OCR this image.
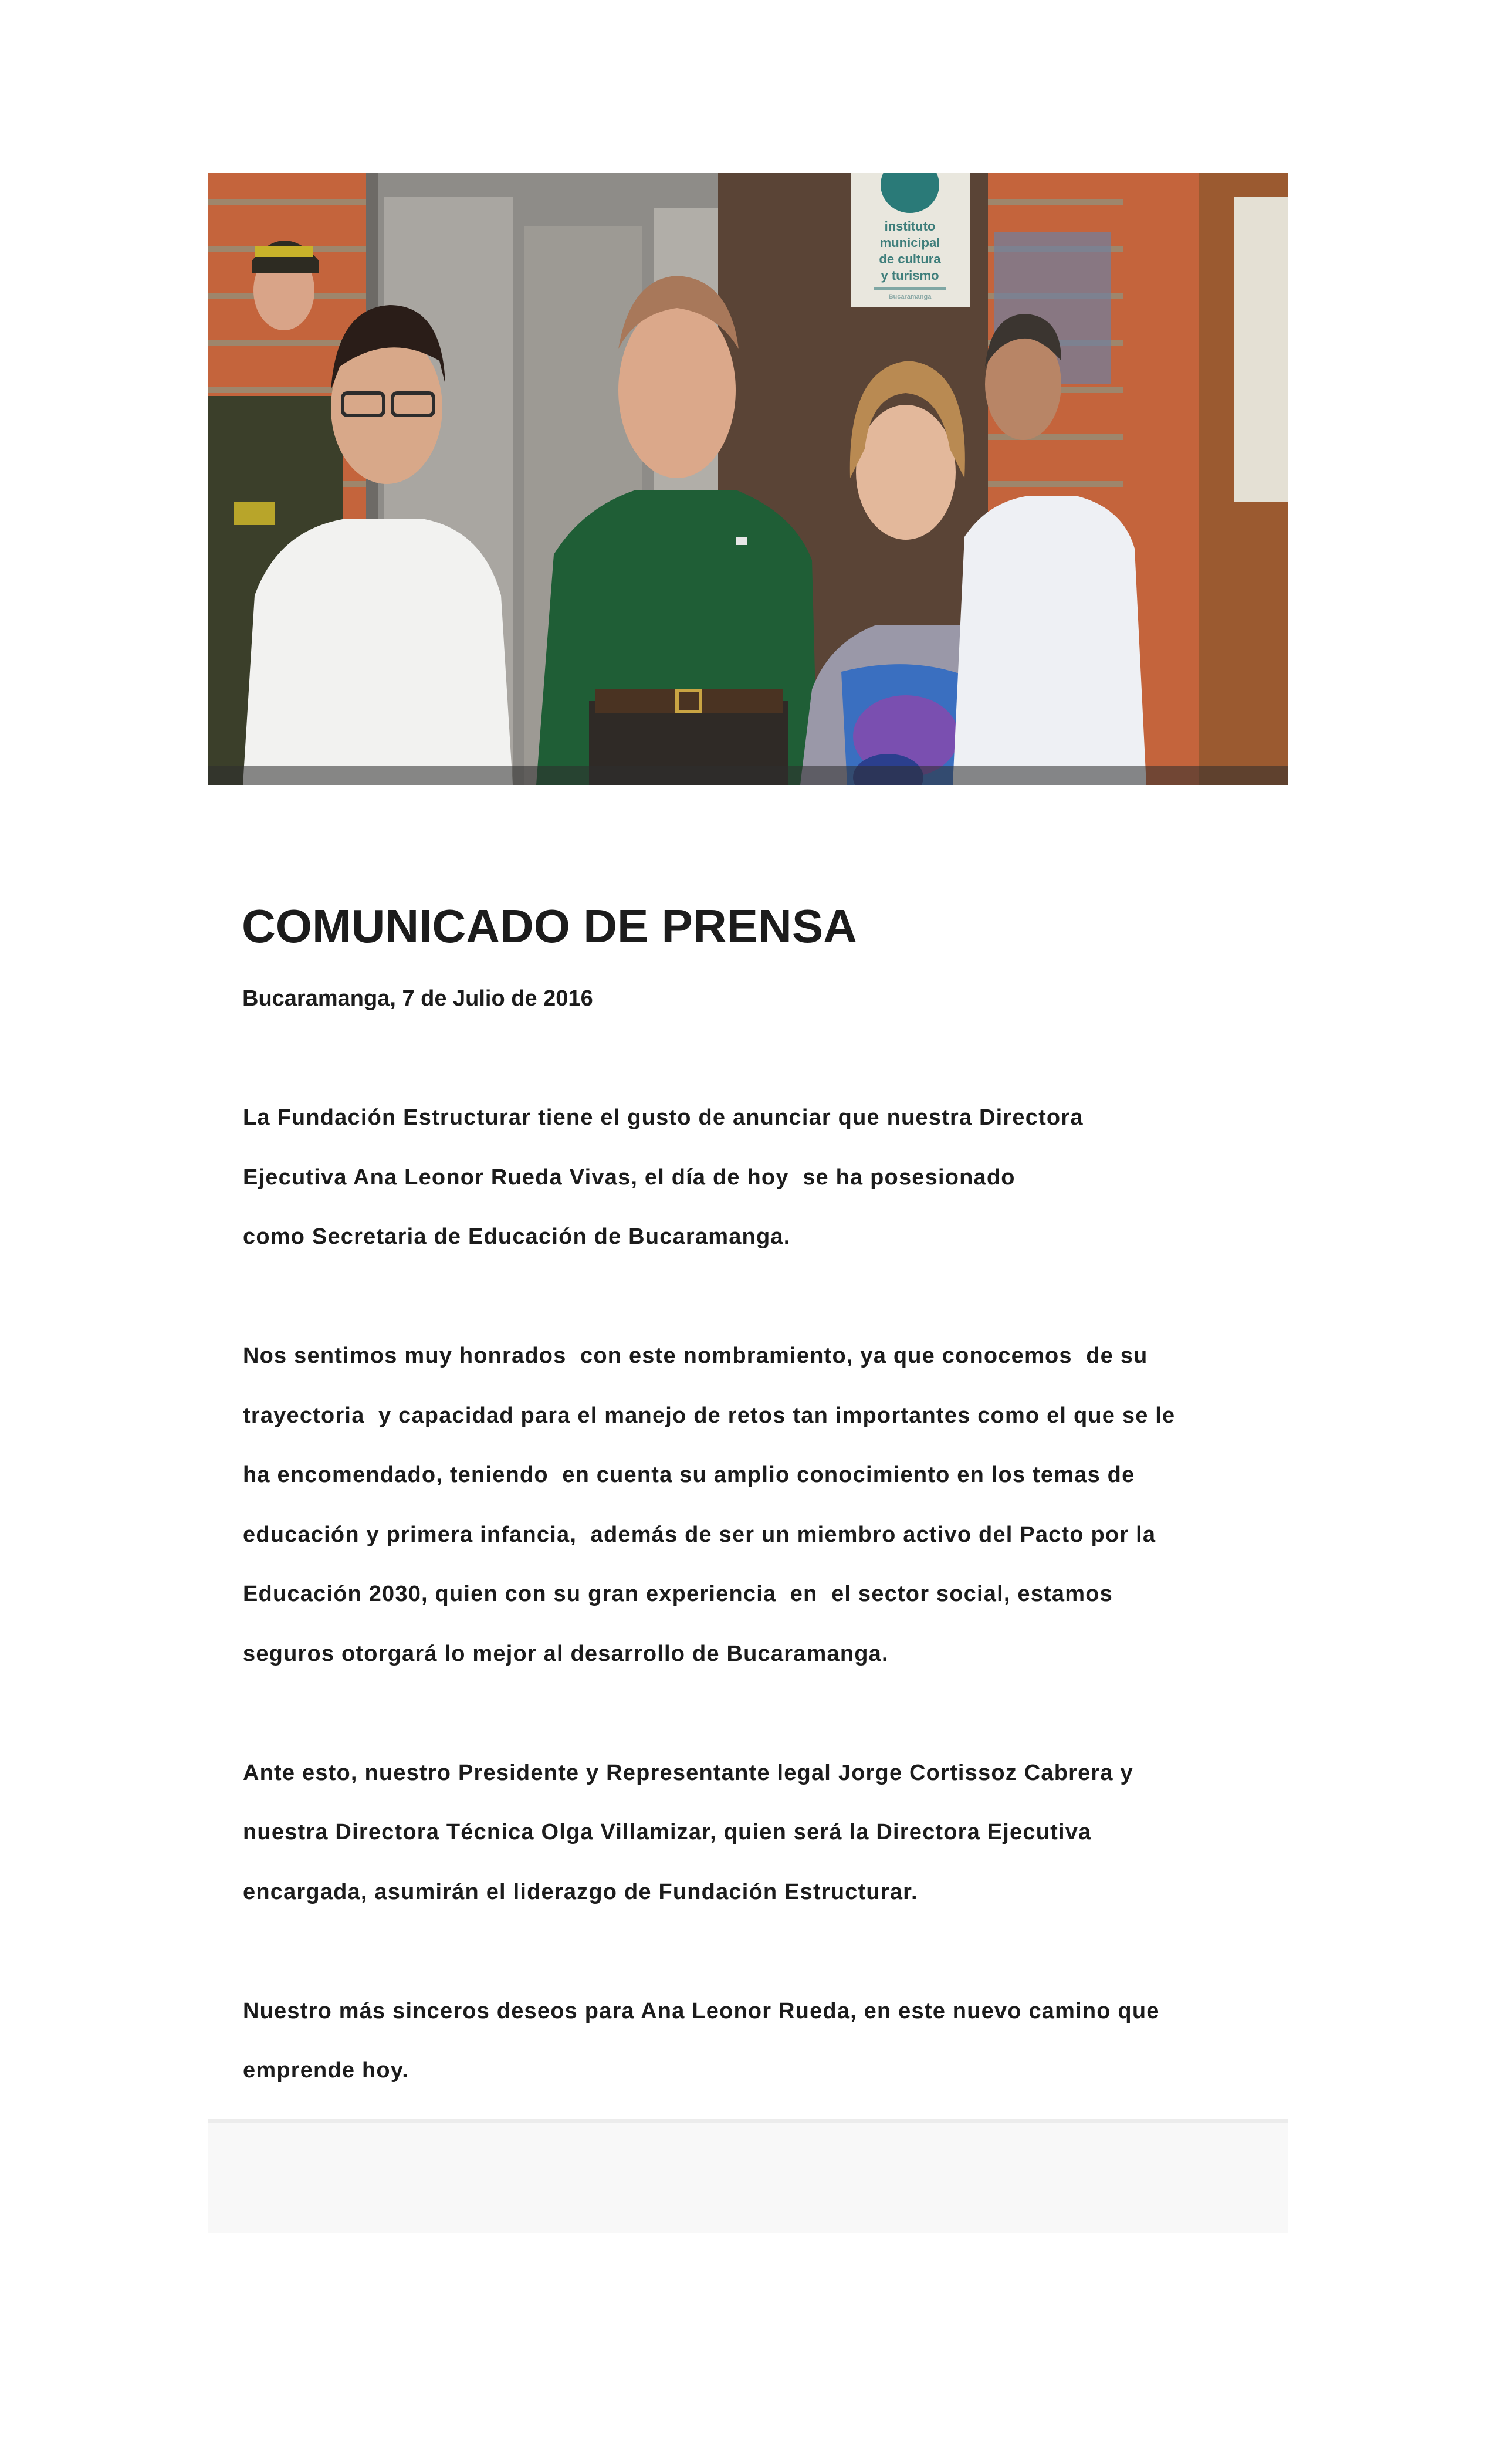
instituto
municipal
de cultura
y turismo
Bucaramanga
COMUNICADO DE PRENSA
Bucaramanga, 7 de Julio de 2016

La Fundación Estructurar tiene el gusto de anunciar que nuestra Directora
Ejecutiva Ana Leonor Rueda Vivas, el día de hoy  se ha posesionado
como Secretaria de Educación de Bucaramanga.

Nos sentimos muy honrados  con este nombramiento, ya que conocemos  de su
trayectoria  y capacidad para el manejo de retos tan importantes como el que se le
ha encomendado, teniendo  en cuenta su amplio conocimiento en los temas de
educación y primera infancia,  además de ser un miembro activo del Pacto por la
Educación 2030, quien con su gran experiencia  en  el sector social, estamos
seguros otorgará lo mejor al desarrollo de Bucaramanga.

Ante esto, nuestro Presidente y Representante legal Jorge Cortissoz Cabrera y
nuestra Directora Técnica Olga Villamizar, quien será la Directora Ejecutiva
encargada, asumirán el liderazgo de Fundación Estructurar.

Nuestro más sinceros deseos para Ana Leonor Rueda, en este nuevo camino que
emprende hoy.
